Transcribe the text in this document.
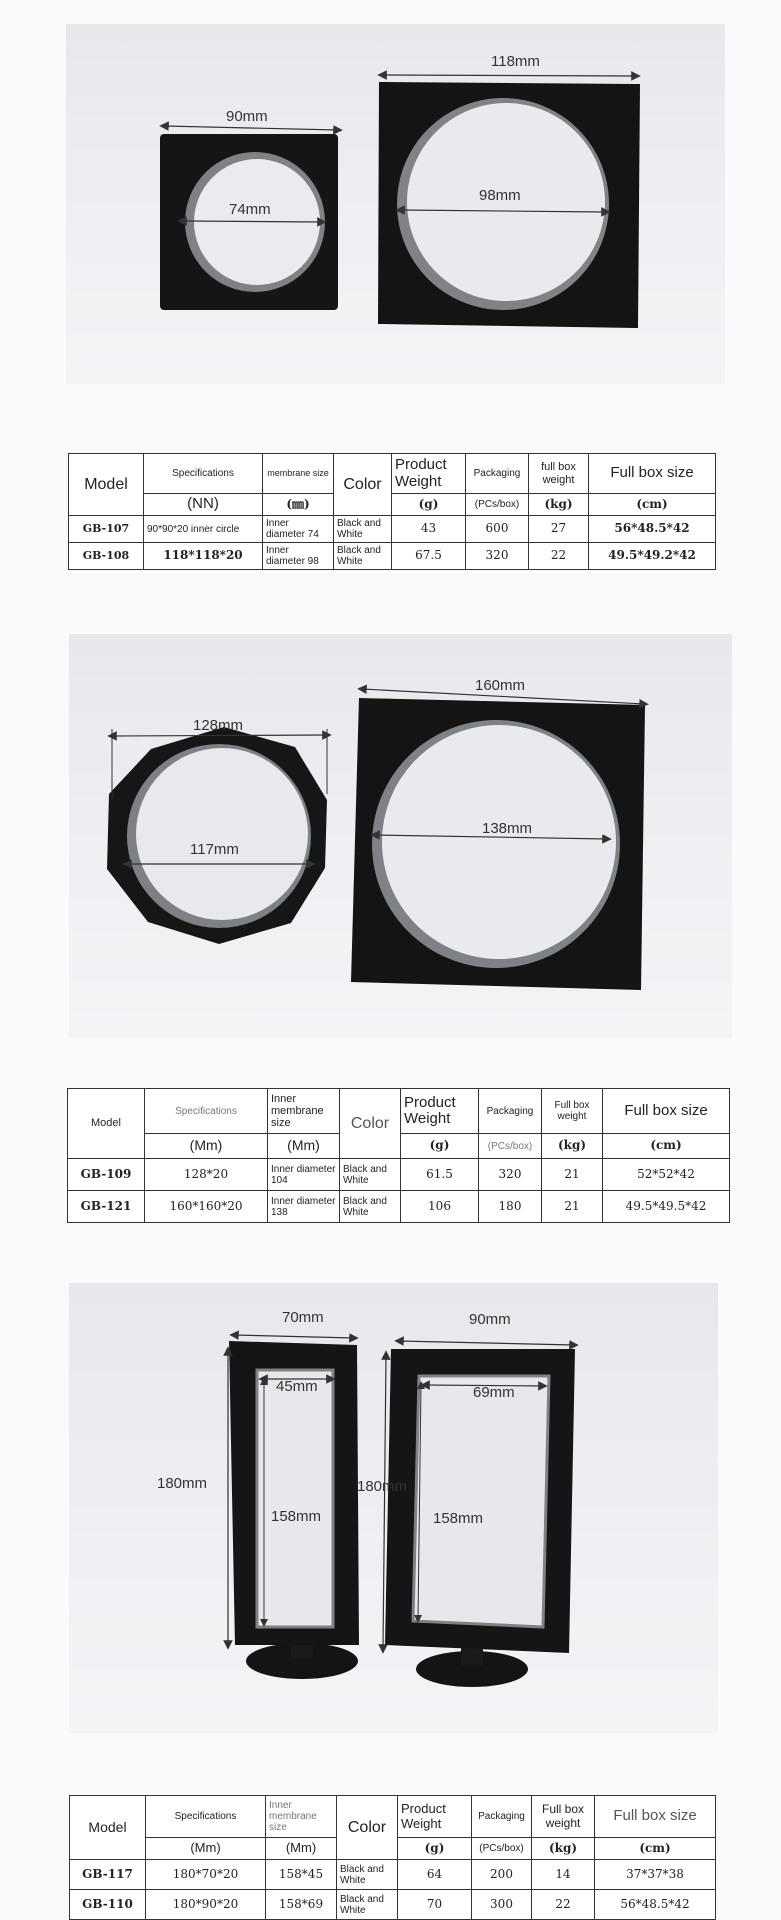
90mm
74mm
118mm
98mm
Model	Specifications	membrane size	Color	Product Weight	Packaging	full box weight	Full box size
	(NN)	(㎜)		(g)	(PCs/box)	(kg)	(cm)
GB-107	90*90*20 inner circle	Inner diameter 74	Black and White	43	600	27	56*48.5*42
GB-108	118*118*20	Inner diameter 98	Black and White	67.5	320	22	49.5*49.2*42
128mm
117mm
160mm
138mm
Model	Specifications	Inner membrane size	Color	Product Weight	Packaging	Full box weight	Full box size
	(Mm)	(Mm)		(g)	(PCs/box)	(kg)	(cm)
GB-109	128*20	Inner diameter 104	Black and White	61.5	320	21	52*52*42
GB-121	160*160*20	Inner diameter 138	Black and White	106	180	21	49.5*49.5*42
70mm
45mm
180mm
158mm
90mm
69mm
180mm
158mm
Model	Specifications	Inner membrane size	Color	Product Weight	Packaging	Full box weight	Full box size
	(Mm)	(Mm)		(g)	(PCs/box)	(kg)	(cm)
GB-117	180*70*20	158*45	Black and White	64	200	14	37*37*38
GB-110	180*90*20	158*69	Black and White	70	300	22	56*48.5*42
